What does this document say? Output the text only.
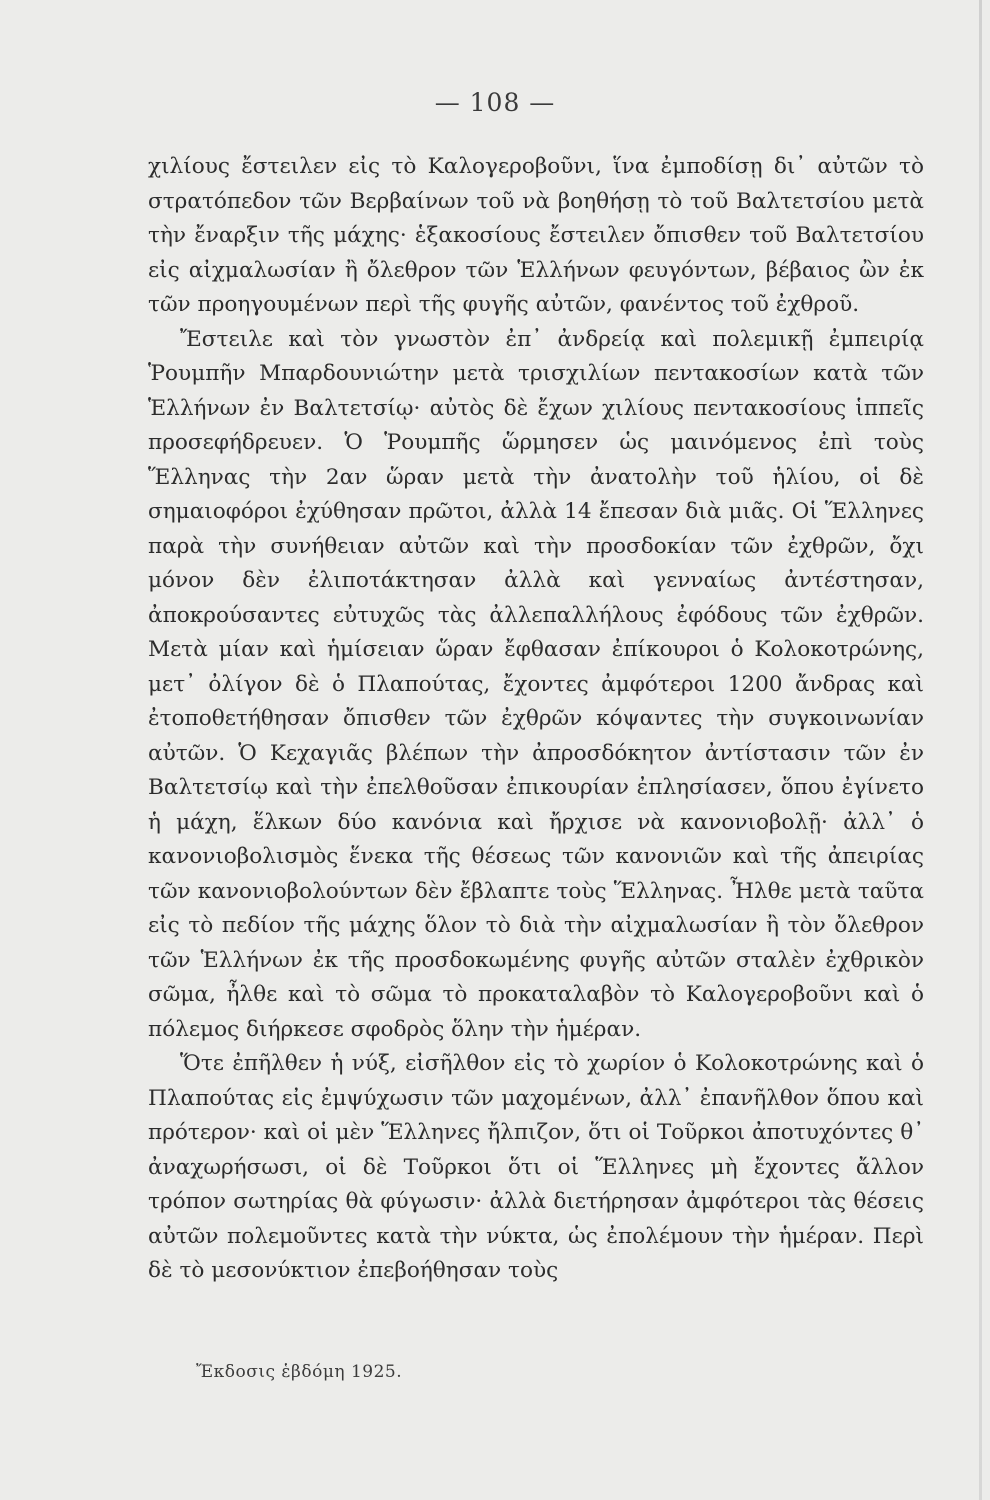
— 108 —

χιλίους ἔστειλεν εἰς τὸ Καλογεροβοῦνι, ἵνα ἐμποδίσῃ δι᾽ αὐτῶν τὸ στρατόπεδον τῶν Βερβαίνων τοῦ νὰ βοηθήσῃ τὸ τοῦ Βαλτετσίου μετὰ τὴν ἔναρξιν τῆς μάχης· ἑξακοσίους ἔστειλεν ὄπισθεν τοῦ Βαλτετσίου εἰς αἰχμαλωσίαν ἢ ὄλεθρον τῶν Ἑλλήνων φευγόντων, βέβαιος ὢν ἐκ τῶν προηγουμένων περὶ τῆς φυγῆς αὐτῶν, φανέντος τοῦ ἐχθροῦ.

Ἔστειλε καὶ τὸν γνωστὸν ἐπ᾽ ἀνδρείᾳ καὶ πολεμικῇ ἐμπειρίᾳ Ῥουμπῆν Μπαρδουνιώτην μετὰ τρισχιλίων πεντακοσίων κατὰ τῶν Ἑλλήνων ἐν Βαλτετσίῳ· αὐτὸς δὲ ἔχων χιλίους πεντακοσίους ἱππεῖς προσεφήδρευεν. Ὁ Ῥουμπῆς ὥρμησεν ὡς μαινόμενος ἐπὶ τοὺς Ἕλληνας τὴν 2αν ὥραν μετὰ τὴν ἀνατολὴν τοῦ ἡλίου, οἱ δὲ σημαιοφόροι ἐχύθησαν πρῶτοι, ἀλλὰ 14 ἔπεσαν διὰ μιᾶς. Οἱ Ἕλληνες παρὰ τὴν συνήθειαν αὐτῶν καὶ τὴν προσδοκίαν τῶν ἐχθρῶν, ὄχι μόνον δὲν ἐλιποτάκτησαν ἀλλὰ καὶ γενναίως ἀντέστησαν, ἀποκρούσαντες εὐτυχῶς τὰς ἀλλεπαλλήλους ἐφόδους τῶν ἐχθρῶν. Μετὰ μίαν καὶ ἡμίσειαν ὥραν ἔφθασαν ἐπίκουροι ὁ Κολοκοτρώνης, μετ᾽ ὀλίγον δὲ ὁ Πλαπούτας, ἔχοντες ἀμφότεροι 1200 ἄνδρας καὶ ἐτοποθετήθησαν ὄπισθεν τῶν ἐχθρῶν κόψαντες τὴν συγκοινωνίαν αὐτῶν. Ὁ Κεχαγιᾶς βλέπων τὴν ἀπροσδόκητον ἀντίστασιν τῶν ἐν Βαλτετσίῳ καὶ τὴν ἐπελθοῦσαν ἐπικουρίαν ἐπλησίασεν, ὅπου ἐγίνετο ἡ μάχη, ἕλκων δύο κανόνια καὶ ἤρχισε νὰ κανονιοβολῇ· ἀλλ᾽ ὁ κανονιοβολισμὸς ἕνεκα τῆς θέσεως τῶν κανονιῶν καὶ τῆς ἀπειρίας τῶν κανονιοβολούντων δὲν ἔβλαπτε τοὺς Ἕλληνας. Ἦλθε μετὰ ταῦτα εἰς τὸ πεδίον τῆς μάχης ὅλον τὸ διὰ τὴν αἰχμαλωσίαν ἢ τὸν ὄλεθρον τῶν Ἑλλήνων ἐκ τῆς προσδοκωμένης φυγῆς αὐτῶν σταλὲν ἐχθρικὸν σῶμα, ἦλθε καὶ τὸ σῶμα τὸ προκαταλαβὸν τὸ Καλογεροβοῦνι καὶ ὁ πόλεμος διήρκεσε σφοδρὸς ὅλην τὴν ἡμέραν.

Ὅτε ἐπῆλθεν ἡ νύξ, εἰσῆλθον εἰς τὸ χωρίον ὁ Κολοκοτρώνης καὶ ὁ Πλαπούτας εἰς ἐμψύχωσιν τῶν μαχομένων, ἀλλ᾽ ἐπανῆλθον ὅπου καὶ πρότερον· καὶ οἱ μὲν Ἕλληνες ἤλπιζον, ὅτι οἱ Τοῦρκοι ἀποτυχόντες θ᾽ ἀναχωρήσωσι, οἱ δὲ Τοῦρκοι ὅτι οἱ Ἕλληνες μὴ ἔχοντες ἄλλον τρόπον σωτηρίας θὰ φύγωσιν· ἀλλὰ διετήρησαν ἀμφότεροι τὰς θέσεις αὐτῶν πολεμοῦντες κατὰ τὴν νύκτα, ὡς ἐπολέμουν τὴν ἡμέραν. Περὶ δὲ τὸ μεσονύκτιον ἐπεβοήθησαν τοὺς

Ἔκδοσις ἑβδόμη 1925.
